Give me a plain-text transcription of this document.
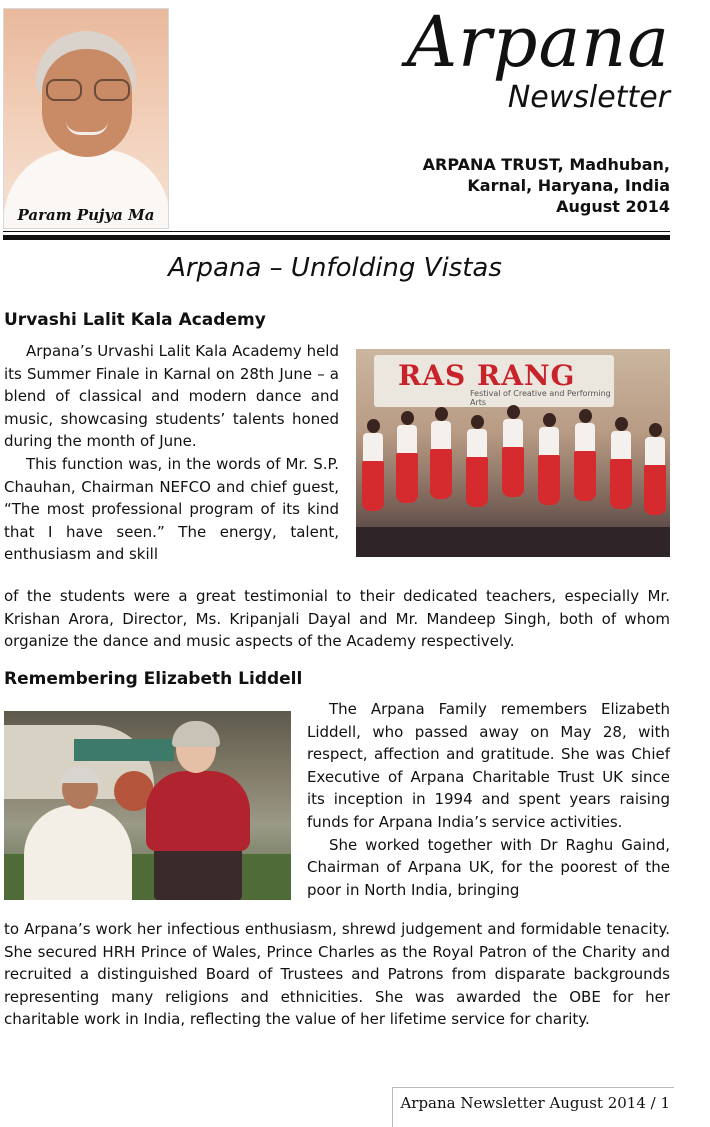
Param Pujya Ma
Arpana
Newsletter
ARPANA TRUST, Madhuban,
Karnal, Haryana, India
August 2014
Arpana – Unfolding Vistas
Urvashi Lalit Kala Academy

Arpana’s Urvashi Lalit Kala Academy held its Summer Finale in Karnal on 28th June – a blend of classical and modern dance and music, showcasing students’ talents honed during the month of June.

This function was, in the words of Mr. S.P. Chauhan, Chairman NEFCO and chief guest, “The most professional program of its kind that I have seen.” The energy, talent, enthusiasm and skill

RAS RANG
Festival of Creative and Performing Arts

of the students were a great testimonial to their dedicated teachers, especially Mr. Krishan Arora, Director, Ms. Kripanjali Dayal and Mr. Mandeep Singh, both of whom organize the dance and music aspects of the Academy respectively.

Remembering Elizabeth Liddell

The Arpana Family remembers Elizabeth Liddell, who passed away on May 28, with respect, affection and gratitude. She was Chief Executive of Arpana Charitable Trust UK since its inception in 1994 and spent years raising funds for Arpana India’s service activities.

She worked together with Dr Raghu Gaind, Chairman of Arpana UK, for the poorest of the poor in North India, bringing

to Arpana’s work her infectious enthusiasm, shrewd judgement and formidable tenacity. She secured HRH Prince of Wales, Prince Charles as the Royal Patron of the Charity and recruited a distinguished Board of Trustees and Patrons from disparate backgrounds representing many religions and ethnicities. She was awarded the OBE for her charitable work in India, reflecting the value of her lifetime service for charity.

Arpana Newsletter August 2014 / 1
